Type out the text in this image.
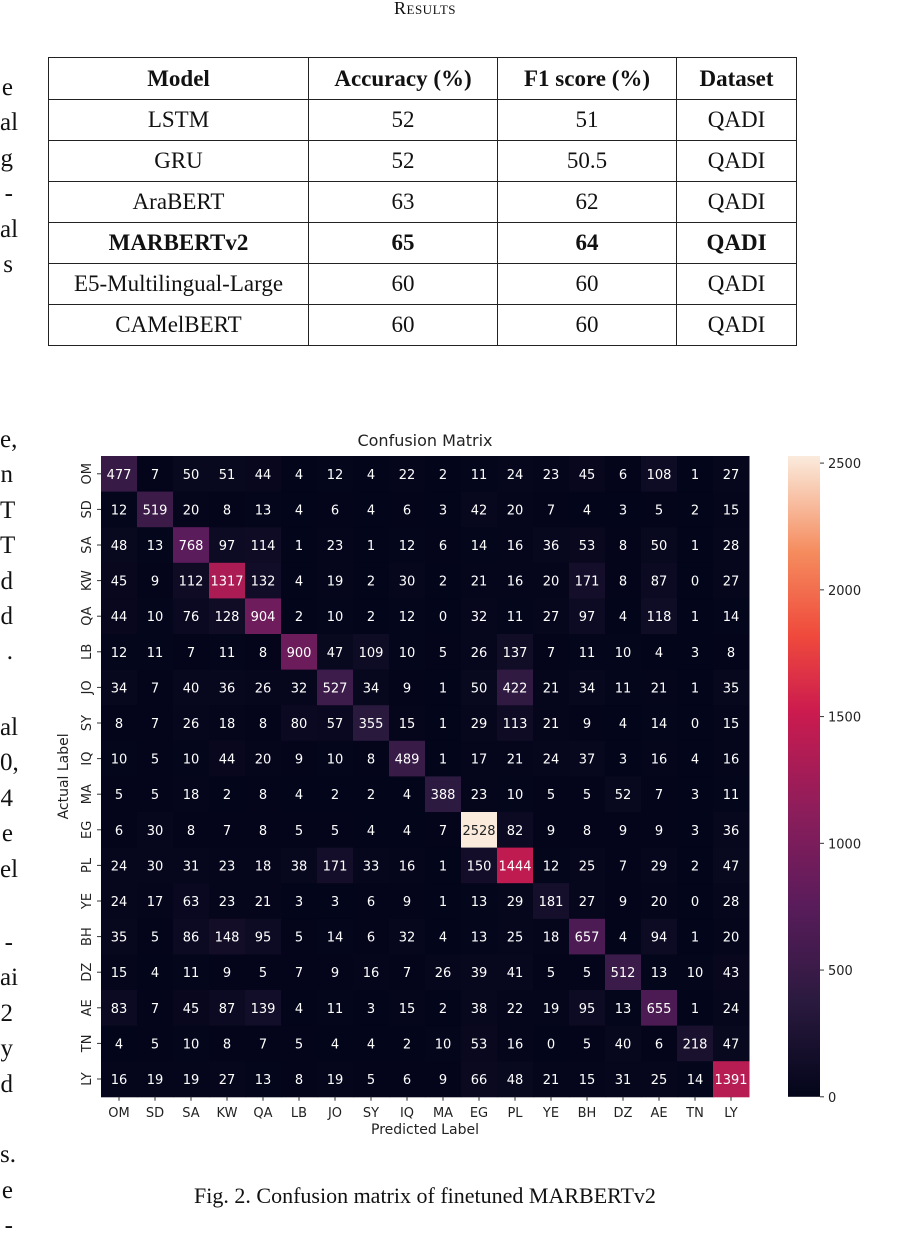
Results
e
al
g
-
al
s
e,
n
T
T
d
d
.
al
0,
4
e
el
-
ai
2
y
d
s.
e
-
Model	Accuracy (%)	F1 score (%)	Dataset
LSTM	52	51	QADI
GRU	52	50.5	QADI
AraBERT	63	62	QADI
MARBERTv2	65	64	QADI
E5-Multilingual-Large	60	60	QADI
CAMelBERT	60	60	QADI
Confusion Matrix
477 7 50 51 44 4 12 4 22 2 11 24 23 45 6 108 1 27
12 519 20 8 13 4 6 4 6 3 42 20 7 4 3 5 2 15
48 13 768 97 114 1 23 1 12 6 14 16 36 53 8 50 1 28
45 9 112 1317 132 4 19 2 30 2 21 16 20 171 8 87 0 27
44 10 76 128 904 2 10 2 12 0 32 11 27 97 4 118 1 14
12 11 7 11 8 900 47 109 10 5 26 137 7 11 10 4 3 8
34 7 40 36 26 32 527 34 9 1 50 422 21 34 11 21 1 35
8 7 26 18 8 80 57 355 15 1 29 113 21 9 4 14 0 15
10 5 10 44 20 9 10 8 489 1 17 21 24 37 3 16 4 16
5 5 18 2 8 4 2 2 4 388 23 10 5 5 52 7 3 11
6 30 8 7 8 5 5 4 4 7 2528 82 9 8 9 9 3 36
24 30 31 23 18 38 171 33 16 1 150 1444 12 25 7 29 2 47
24 17 63 23 21 3 3 6 9 1 13 29 181 27 9 20 0 28
35 5 86 148 95 5 14 6 32 4 13 25 18 657 4 94 1 20
15 4 11 9 5 7 9 16 7 26 39 41 5 5 512 13 10 43
83 7 45 87 139 4 11 3 15 2 38 22 19 95 13 655 1 24
4 5 10 8 7 5 4 4 2 10 53 16 0 5 40 6 218 47
16 19 19 27 13 8 19 5 6 9 66 48 21 15 31 25 14 1391
OM SD SA KW QA LB JO SY IQ MA EG PL YE BH DZ AE TN LY
OM
SD
SA
KW
QA
LB
JO
SY
IQ
MA
EG
PL
YE
BH
DZ
AE
TN
LY
Predicted Label
Actual Label
0
500
1000
1500
2000
2500
Fig. 2. Confusion matrix of finetuned MARBERTv2
